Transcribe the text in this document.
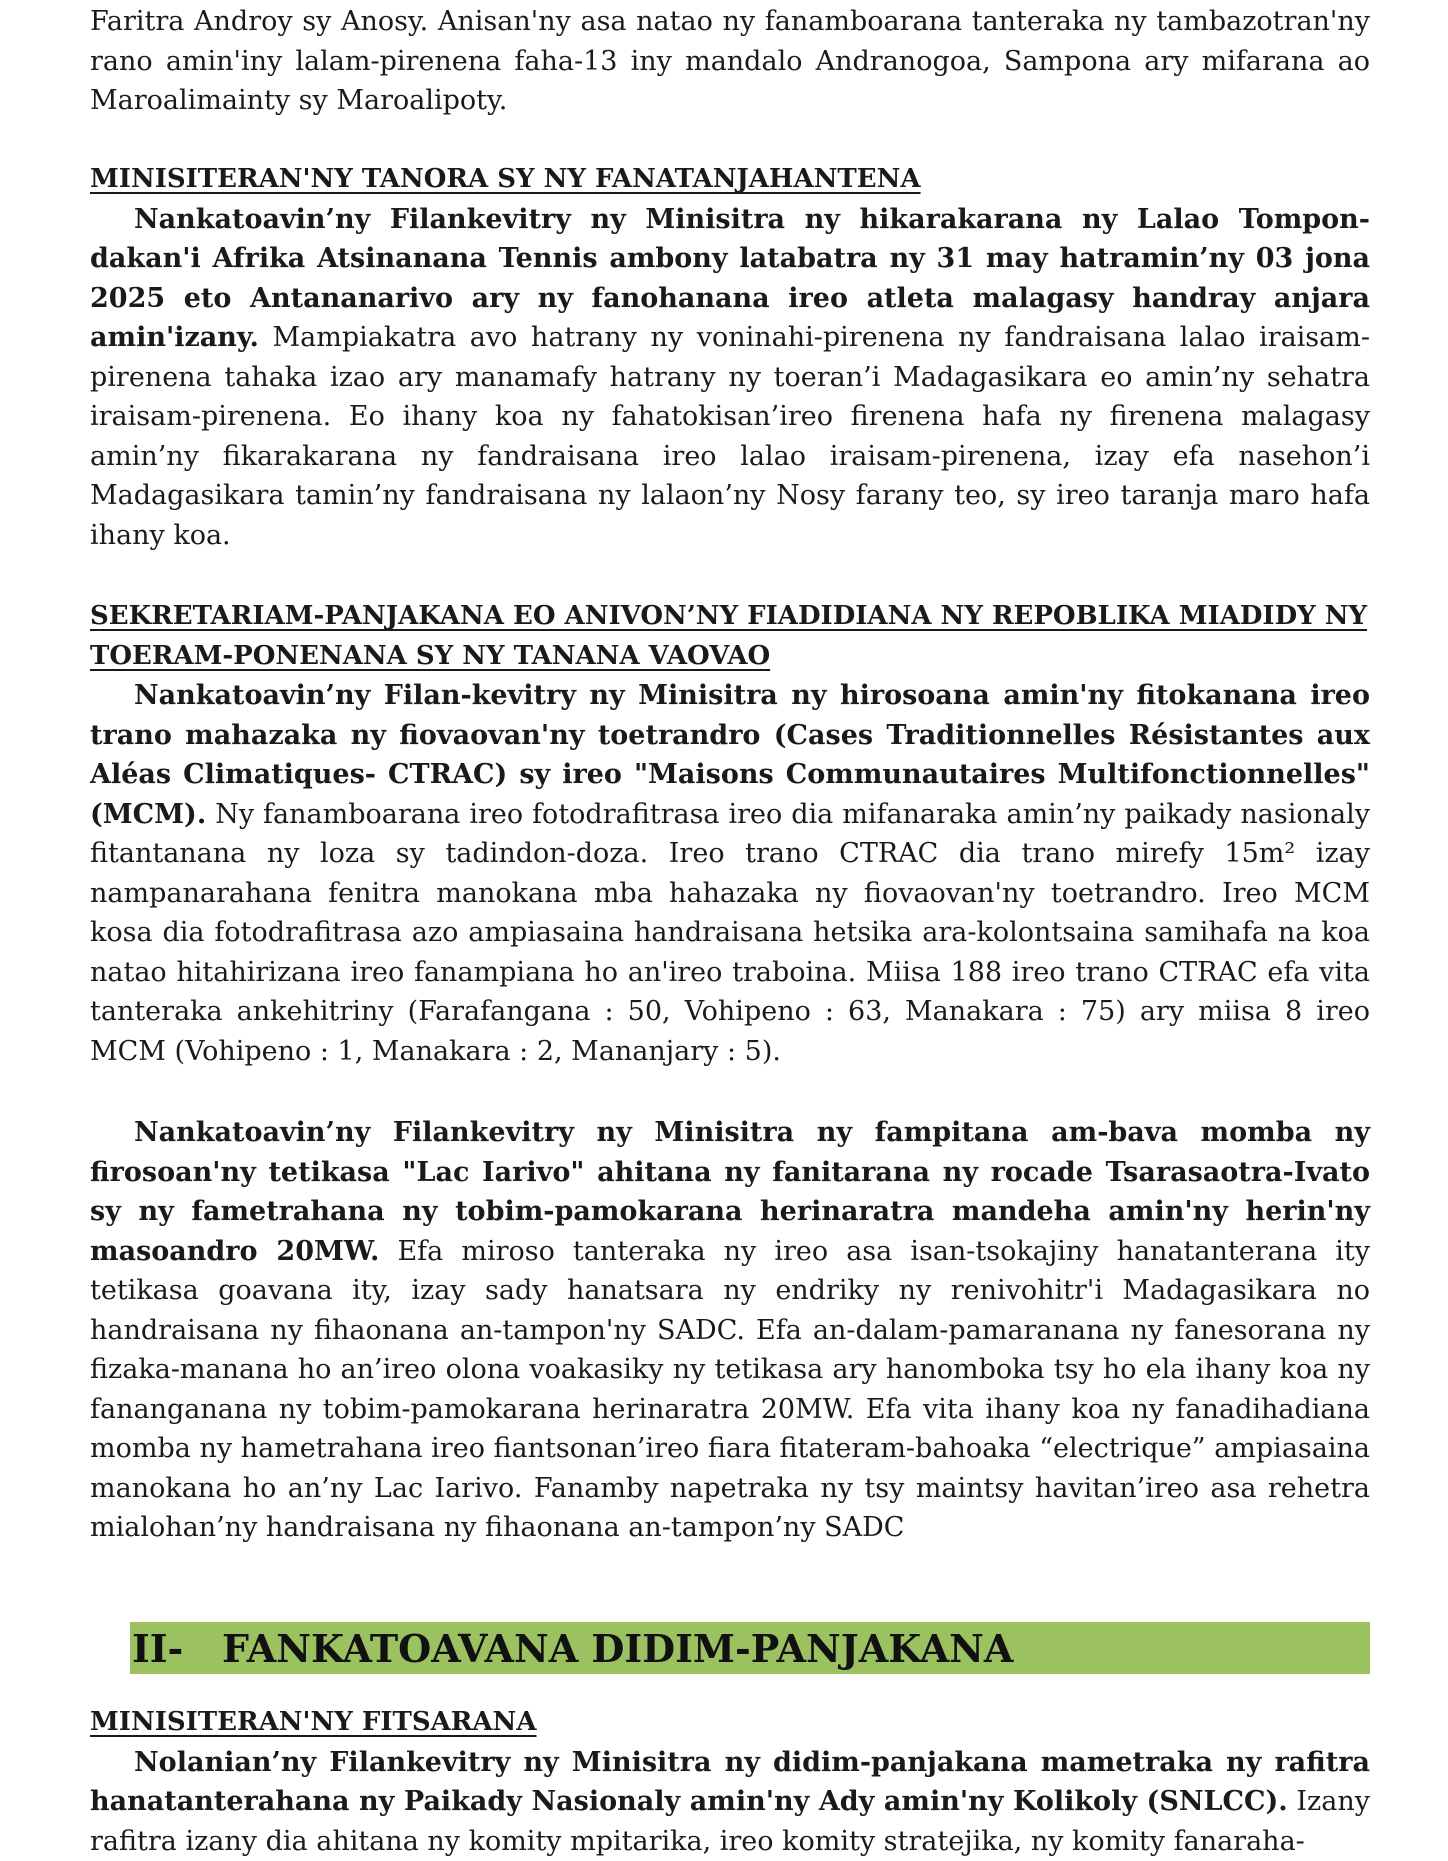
Faritra Androy sy Anosy. Anisan'ny asa natao ny fanamboarana tanteraka ny tambazotran'ny rano amin'iny lalam-pirenena faha-13 iny mandalo Andranogoa, Sampona ary mifarana ao Maroalimainty sy Maroalipoty.

MINISITERAN'NY TANORA SY NY FANATANJAHANTENA

Nankatoavin’ny Filankevitry ny Minisitra ny hikarakarana ny Lalao Tompon-dakan'i Afrika Atsinanana Tennis ambony latabatra ny 31 may hatramin’ny 03 jona 2025 eto Antananarivo ary ny fanohanana ireo atleta malagasy handray anjara amin'izany. Mampiakatra avo hatrany ny voninahi-pirenena ny fandraisana lalao iraisam-pirenena tahaka izao ary manamafy hatrany ny toeran’i Madagasikara eo amin’ny sehatra iraisam-pirenena. Eo ihany koa ny fahatokisan’ireo firenena hafa ny firenena malagasy amin’ny fikarakarana ny fandraisana ireo lalao iraisam-pirenena, izay efa nasehon’i Madagasikara tamin’ny fandraisana ny lalaon’ny Nosy farany teo, sy ireo taranja maro hafa ihany koa.

SEKRETARIAM-PANJAKANA EO ANIVON’NY FIADIDIANA NY REPOBLIKA MIADIDY NY TOERAM-PONENANA SY NY TANANA VAOVAO

Nankatoavin’ny Filan-kevitry ny Minisitra ny hirosoana amin'ny fitokanana ireo trano mahazaka ny fiovaovan'ny toetrandro (Cases Traditionnelles Résistantes aux Aléas Climatiques- CTRAC) sy ireo "Maisons Communautaires Multifonctionnelles" (MCM). Ny fanamboarana ireo fotodrafitrasa ireo dia mifanaraka amin’ny paikady nasionaly fitantanana ny loza sy tadindon-doza. Ireo trano CTRAC dia trano mirefy 15m² izay nampanarahana fenitra manokana mba hahazaka ny fiovaovan'ny toetrandro. Ireo MCM kosa dia fotodrafitrasa azo ampiasaina handraisana hetsika ara-kolontsaina samihafa na koa natao hitahirizana ireo fanampiana ho an'ireo traboina. Miisa 188 ireo trano CTRAC efa vita tanteraka ankehitriny (Farafangana : 50, Vohipeno : 63, Manakara : 75) ary miisa 8 ireo MCM (Vohipeno : 1, Manakara : 2, Mananjary : 5).

Nankatoavin’ny Filankevitry ny Minisitra ny fampitana am-bava momba ny firosoan'ny tetikasa "Lac Iarivo" ahitana ny fanitarana ny rocade Tsarasaotra-Ivato sy ny fametrahana ny tobim-pamokarana herinaratra mandeha amin'ny herin'ny masoandro 20MW. Efa miroso tanteraka ny ireo asa isan-tsokajiny hanatanterana ity tetikasa goavana ity, izay sady hanatsara ny endriky ny renivohitr'i Madagasikara no handraisana ny fihaonana an-tampon'ny SADC. Efa an-dalam-pamaranana ny fanesorana ny fizaka-manana ho an’ireo olona voakasiky ny tetikasa ary hanomboka tsy ho ela ihany koa ny fananganana ny tobim-pamokarana herinaratra 20MW. Efa vita ihany koa ny fanadihadiana momba ny hametrahana ireo fiantsonan’ireo fiara fitateram-bahoaka “electrique” ampiasaina manokana ho an’ny Lac Iarivo. Fanamby napetraka ny tsy maintsy havitan’ireo asa rehetra mialohan’ny handraisana ny fihaonana an-tampon’ny SADC

II-	FANKATOAVANA DIDIM-PANJAKANA
MINISITERAN'NY FITSARANA

Nolanian’ny Filankevitry ny Minisitra ny didim-panjakana mametraka ny rafitra hanatanterahana ny Paikady Nasionaly amin'ny Ady amin'ny Kolikoly (SNLCC). Izany rafitra izany dia ahitana ny komity mpitarika, ireo komity stratejika, ny komity fanaraha-
